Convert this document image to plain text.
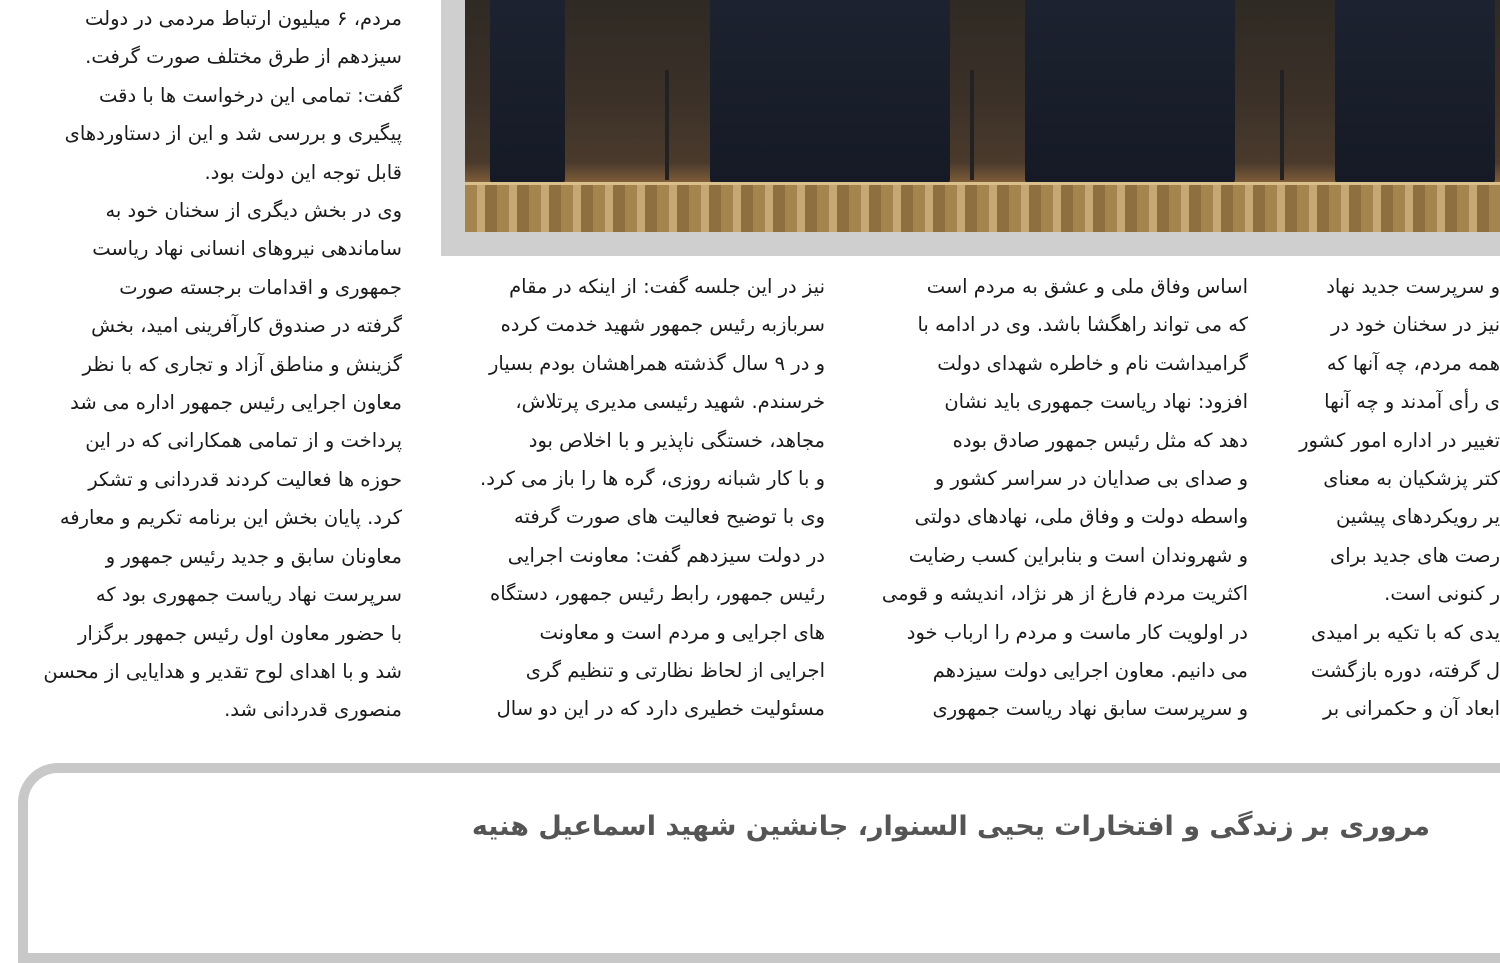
مردم، ۶ میلیون ارتباط مردمی در دولت

سیزدهم از طرق مختلف صورت گرفت.

گفت: تمامی این درخواست ها با دقت

پیگیری و بررسی شد و این از دستاوردهای

قابل توجه این دولت بود.

وی در بخش دیگری از سخنان خود به

ساماندهی نیروهای انسانی نهاد ریاست

جمهوری و اقدامات برجسته صورت

گرفته در صندوق کارآفرینی امید، بخش

گزینش و مناطق آزاد و تجاری که با نظر

معاون اجرایی رئیس جمهور اداره می شد

پرداخت و از تمامی همکارانی که در این

حوزه ها فعالیت کردند قدردانی و تشکر

کرد. پایان بخش این برنامه تکریم و معارفه

معاونان سابق و جدید رئیس جمهور و

سرپرست نهاد ریاست جمهوری بود که

با حضور معاون اول رئیس جمهور برگزار

شد و با اهدای لوح تقدیر و هدایایی از محسن

منصوری قدردانی شد.

نیز در این جلسه گفت: از اینکه در مقام

سربازبه رئیس جمهور شهید خدمت کرده

و در ۹ سال گذشته همراهشان بودم بسیار

خرسندم. شهید رئیسی مدیری پرتلاش،

مجاهد، خستگی ناپذیر و با اخلاص بود

و با کار شبانه روزی، گره ها را باز می کرد.

وی با توضیح فعالیت های صورت گرفته

در دولت سیزدهم گفت: معاونت اجرایی

رئیس جمهور، رابط رئیس جمهور، دستگاه

های اجرایی و مردم است و معاونت

اجرایی از لحاظ نظارتی و تنظیم گری

مسئولیت خطیری دارد که در این دو سال

اساس وفاق ملی و عشق به مردم است

که می تواند راهگشا باشد. وی در ادامه با

گرامیداشت نام و خاطره شهدای دولت

افزود: نهاد ریاست جمهوری باید نشان

دهد که مثل رئیس جمهور صادق بوده

و صدای بی صدایان در سراسر کشور و

واسطه دولت و وفاق ملی، نهادهای دولتی

و شهروندان است و بنابراین کسب رضایت

اکثریت مردم فارغ از هر نژاد، اندیشه و قومی

در اولویت کار ماست و مردم را ارباب خود

می دانیم. معاون اجرایی دولت سیزدهم

و سرپرست سابق نهاد ریاست جمهوری

و سرپرست جدید نهاد

نیز در سخنان خود در

همه مردم، چه آنها که

ی رأی آمدند و چه آنها

تغییر در اداره امور کشور

کتر پزشکیان به معنای

یر رویکردهای پیشین

رصت های جدید برای

ر کنونی است.

یدی که با تکیه بر امیدی

ل گرفته، دوره بازگشت

ابعاد آن و حکمرانی بر

مروری بر زندگی و افتخارات یحیی السنوار، جانشین شهید اسماعیل هنیه
